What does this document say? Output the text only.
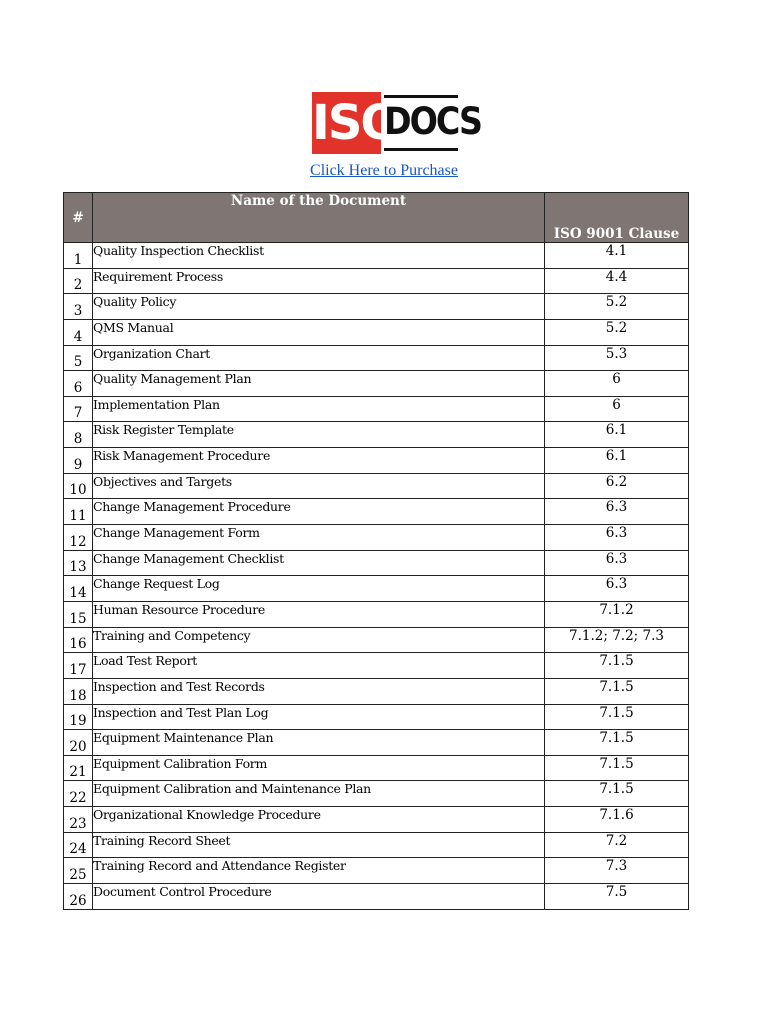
ISO
DOCS
Click Here to Purchase
#	Name of the Document	ISO 9001 Clause
1	Quality Inspection Checklist	4.1
2	Requirement Process	4.4
3	Quality Policy	5.2
4	QMS Manual	5.2
5	Organization Chart	5.3
6	Quality Management Plan	6
7	Implementation Plan	6
8	Risk Register Template	6.1
9	Risk Management Procedure	6.1
10	Objectives and Targets	6.2
11	Change Management Procedure	6.3
12	Change Management Form	6.3
13	Change Management Checklist	6.3
14	Change Request Log	6.3
15	Human Resource Procedure	7.1.2
16	Training and Competency	7.1.2; 7.2; 7.3
17	Load Test Report	7.1.5
18	Inspection and Test Records	7.1.5
19	Inspection and Test Plan Log	7.1.5
20	Equipment Maintenance Plan	7.1.5
21	Equipment Calibration Form	7.1.5
22	Equipment Calibration and Maintenance Plan	7.1.5
23	Organizational Knowledge Procedure	7.1.6
24	Training Record Sheet	7.2
25	Training Record and Attendance Register	7.3
26	Document Control Procedure	7.5
